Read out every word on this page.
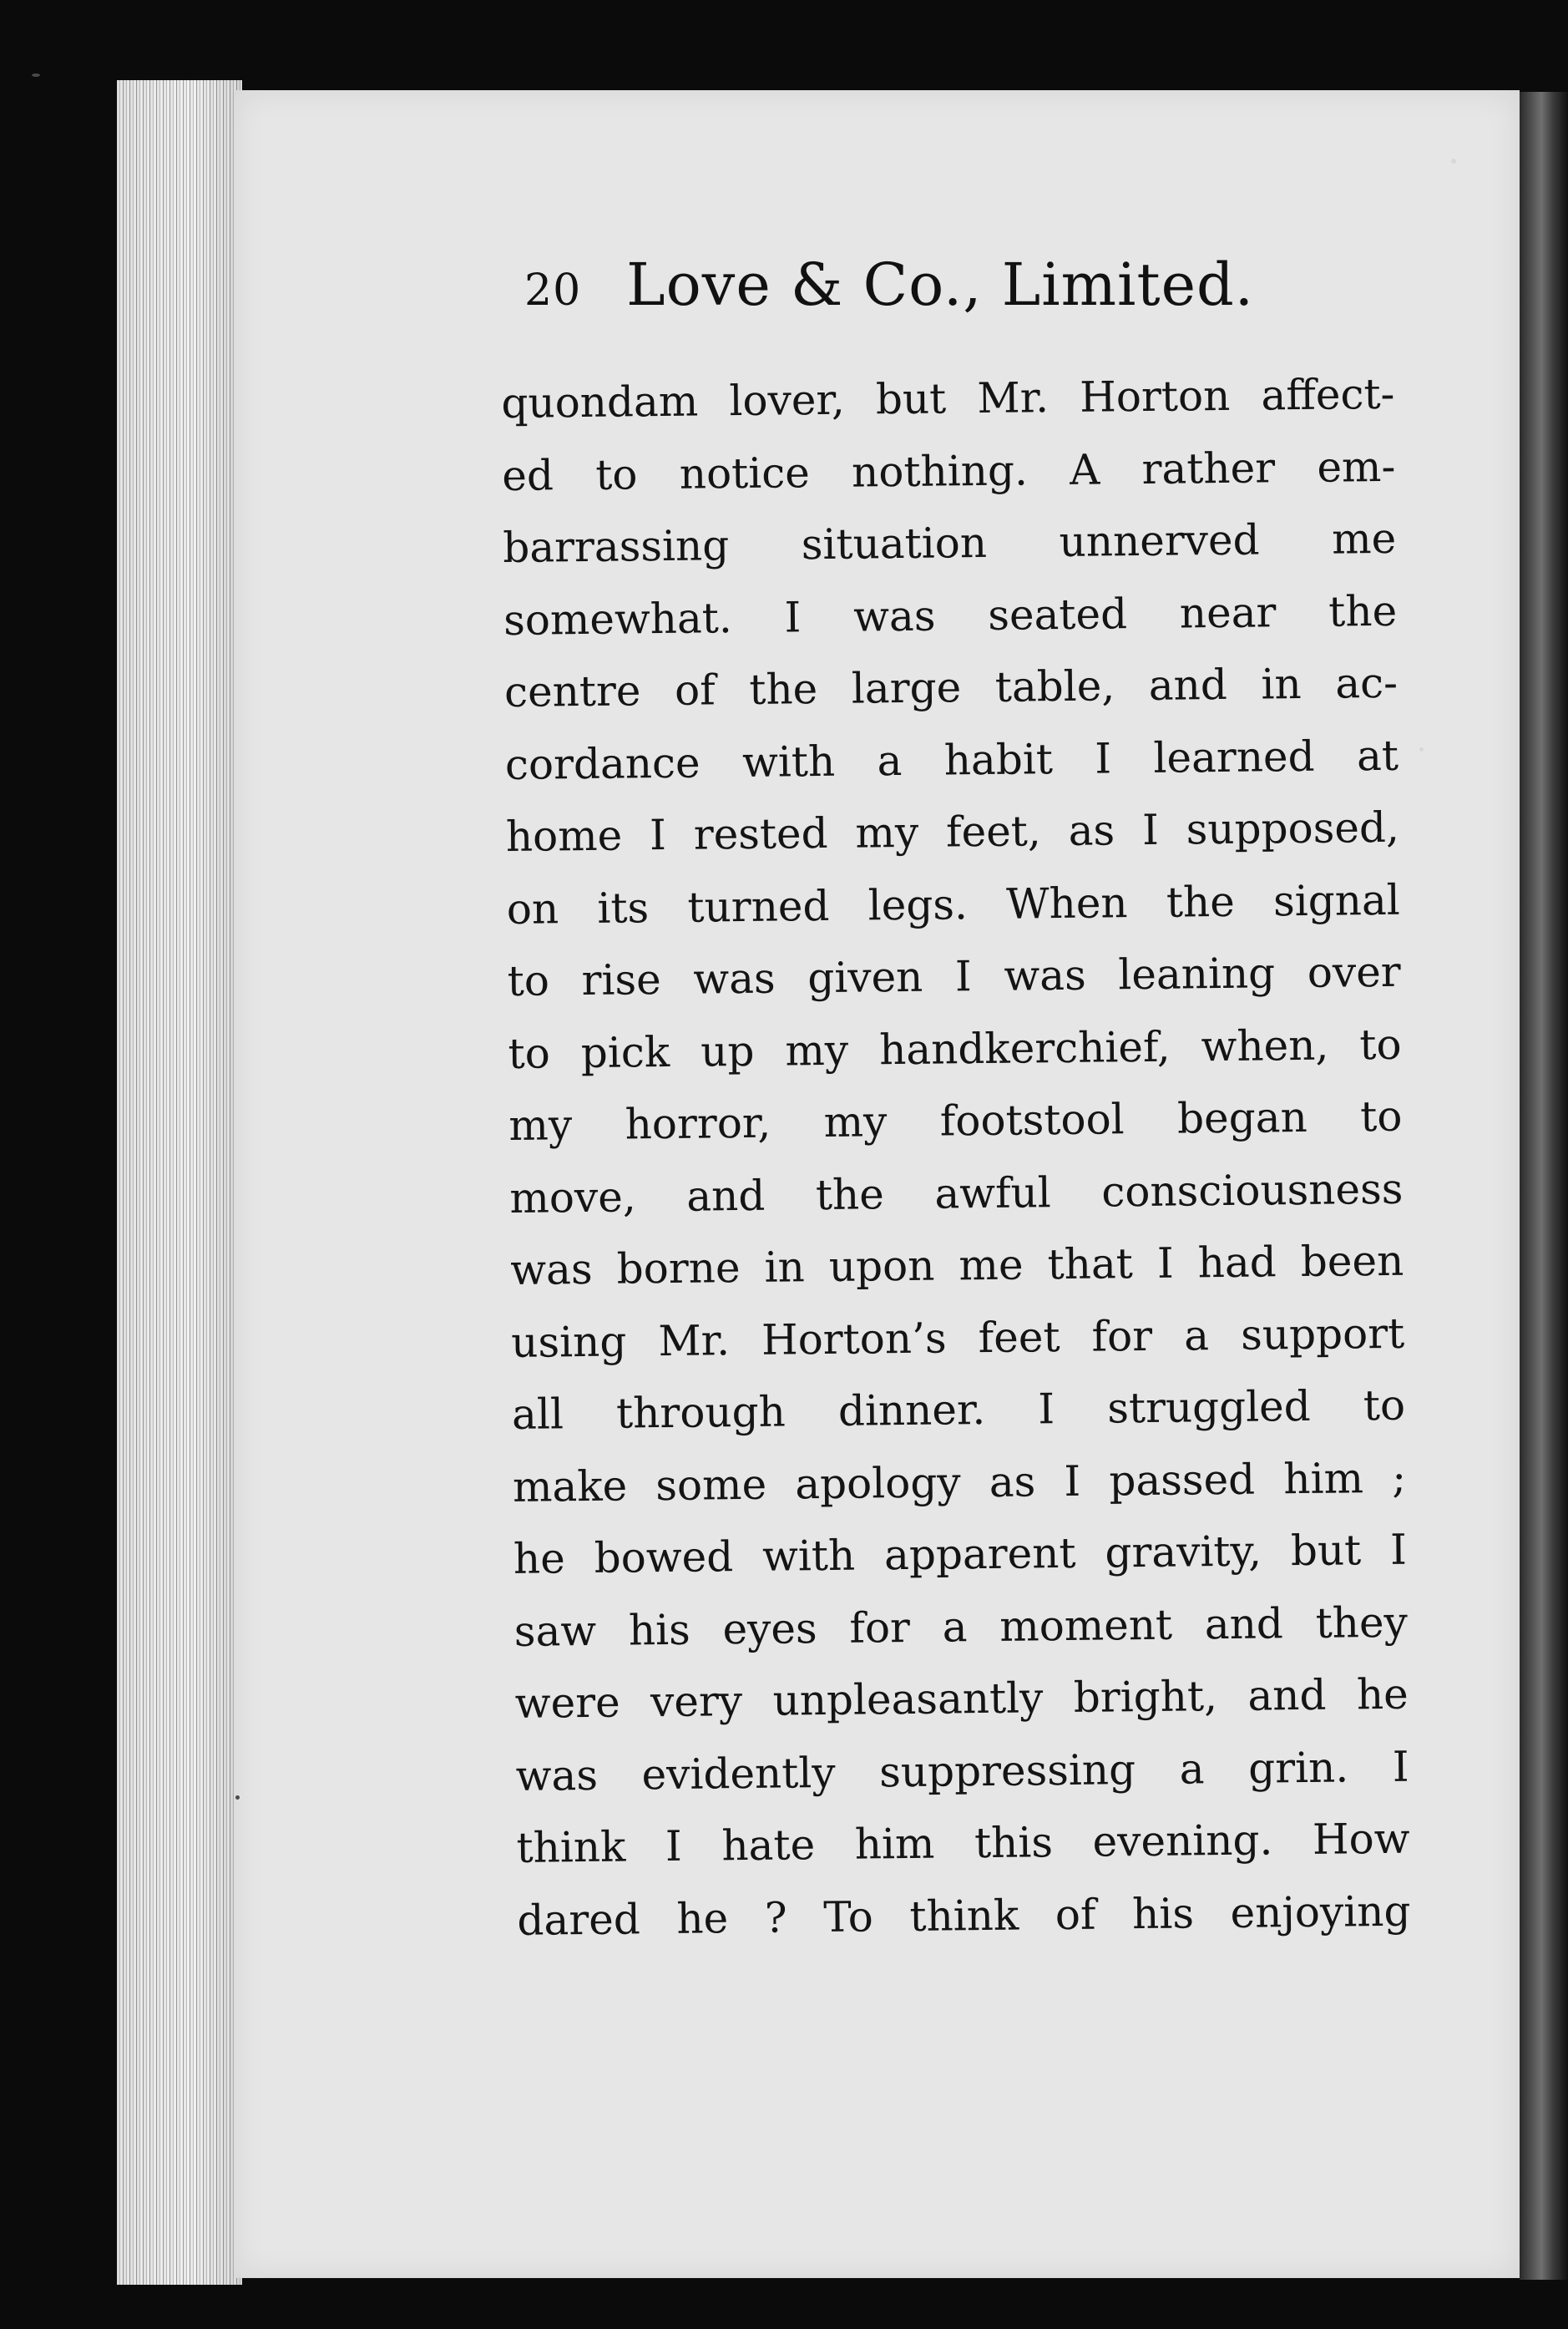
20 Love & Co., Limited.
quondam lover, but Mr. Horton affect-
ed to notice nothing. A rather em-
barrassing situation unnerved me
somewhat. I was seated near the
centre of the large table, and in ac-
cordance with a habit I learned at
home I rested my feet, as I supposed,
on its turned legs. When the signal
to rise was given I was leaning over
to pick up my handkerchief, when, to
my horror, my footstool began to
move, and the awful consciousness
was borne in upon me that I had been
using Mr. Horton’s feet for a support
all through dinner. I struggled to
make some apology as I passed him ;
he bowed with apparent gravity, but I
saw his eyes for a moment and they
were very unpleasantly bright, and he
was evidently suppressing a grin. I
think I hate him this evening. How
dared he ? To think of his enjoying
